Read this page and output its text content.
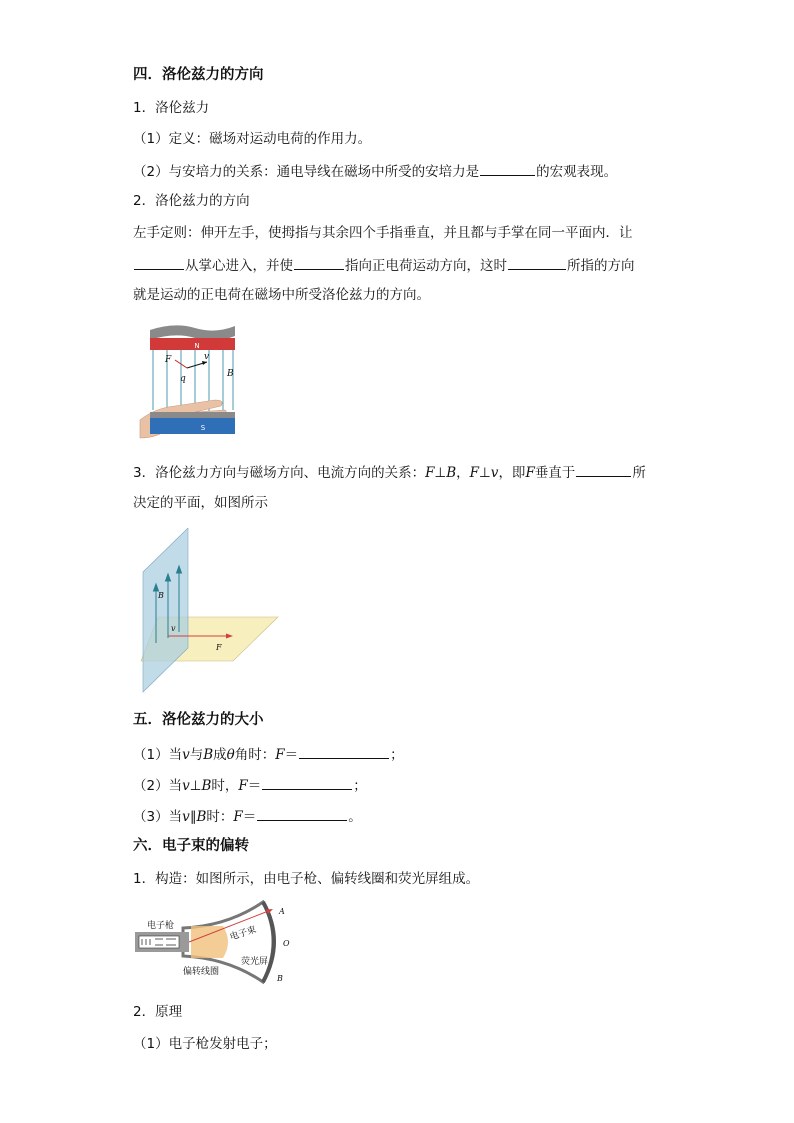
四．洛伦兹力的方向
1．洛伦兹力
（1）定义：磁场对运动电荷的作用力。
（2）与安培力的关系：通电导线在磁场中所受的安培力是	的宏观表现。
2．洛伦兹力的方向
左手定则：伸开左手，使拇指与其余四个手指垂直，并且都与手掌在同一平面内．让
从掌心进入，并使	指向正电荷运动方向，这时	所指的方向
就是运动的正电荷在磁场中所受洛伦兹力的方向。
N
F	v
q	B
S
3．洛伦兹力方向与磁场方向、电流方向的关系：F⊥B，F⊥v，即F垂直于	所
决定的平面，如图所示
B
v
F
五．洛伦兹力的大小
（1）当v与B成θ角时：F＝	；
（2）当v⊥B时，F＝	；
（3）当v∥B时：F＝	。
六．电子束的偏转
1．构造：如图所示，由电子枪、偏转线圈和荧光屏组成。
电子枪
偏转线圈
电子束
荧光屏
A
O
B
2．原理
（1）电子枪发射电子；
